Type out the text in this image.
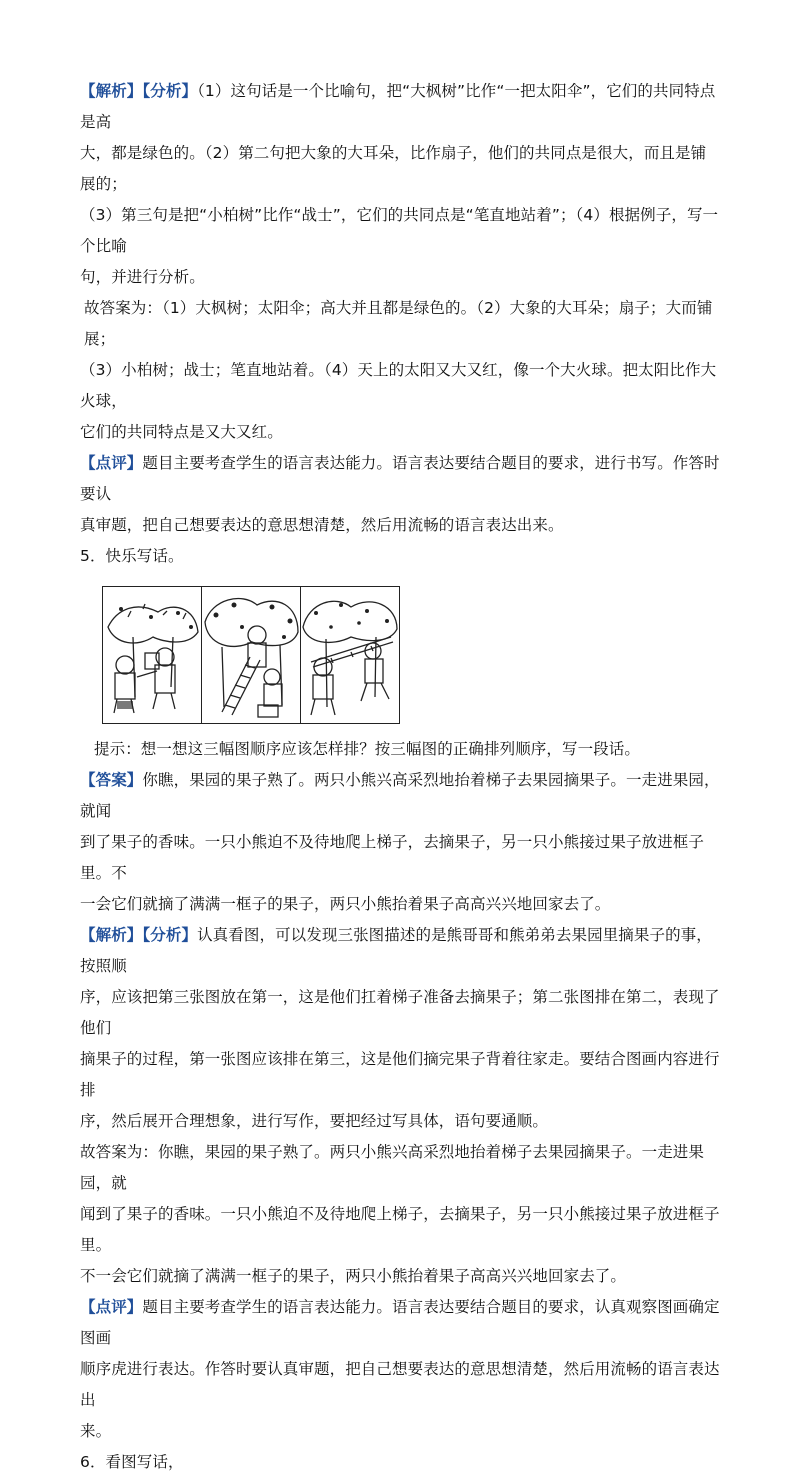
【解析】【分析】（1）这句话是一个比喻句，把“大枫树”比作“一把太阳伞”，它们的共同特点是高

大，都是绿色的。（2）第二句把大象的大耳朵，比作扇子，他们的共同点是很大，而且是铺展的；

（3）第三句是把“小柏树”比作“战士”，它们的共同点是“笔直地站着”；（4）根据例子，写一个比喻

句，并进行分析。

故答案为：（1）大枫树；太阳伞；高大并且都是绿色的。（2）大象的大耳朵；扇子；大而铺展；

（3）小柏树；战士；笔直地站着。（4）天上的太阳又大又红，像一个大火球。把太阳比作大火球，

它们的共同特点是又大又红。

【点评】题目主要考查学生的语言表达能力。语言表达要结合题目的要求，进行书写。作答时要认

真审题，把自己想要表达的意思想清楚，然后用流畅的语言表达出来。

5．快乐写话。

提示：想一想这三幅图顺序应该怎样排？按三幅图的正确排列顺序，写一段话。

【答案】你瞧，果园的果子熟了。两只小熊兴高采烈地抬着梯子去果园摘果子。一走进果园，就闻

到了果子的香味。一只小熊迫不及待地爬上梯子，去摘果子，另一只小熊接过果子放进框子里。不

一会它们就摘了满满一框子的果子，两只小熊抬着果子高高兴兴地回家去了。

【解析】【分析】认真看图，可以发现三张图描述的是熊哥哥和熊弟弟去果园里摘果子的事，按照顺

序，应该把第三张图放在第一，这是他们扛着梯子准备去摘果子；第二张图排在第二，表现了他们

摘果子的过程，第一张图应该排在第三，这是他们摘完果子背着往家走。要结合图画内容进行排

序，然后展开合理想象，进行写作，要把经过写具体，语句要通顺。

故答案为：你瞧，果园的果子熟了。两只小熊兴高采烈地抬着梯子去果园摘果子。一走进果园，就

闻到了果子的香味。一只小熊迫不及待地爬上梯子，去摘果子，另一只小熊接过果子放进框子里。

不一会它们就摘了满满一框子的果子，两只小熊抬着果子高高兴兴地回家去了。

【点评】题目主要考查学生的语言表达能力。语言表达要结合题目的要求，认真观察图画确定图画

顺序虎进行表达。作答时要认真审题，把自己想要表达的意思想清楚，然后用流畅的语言表达出

来。

6．看图写话，
